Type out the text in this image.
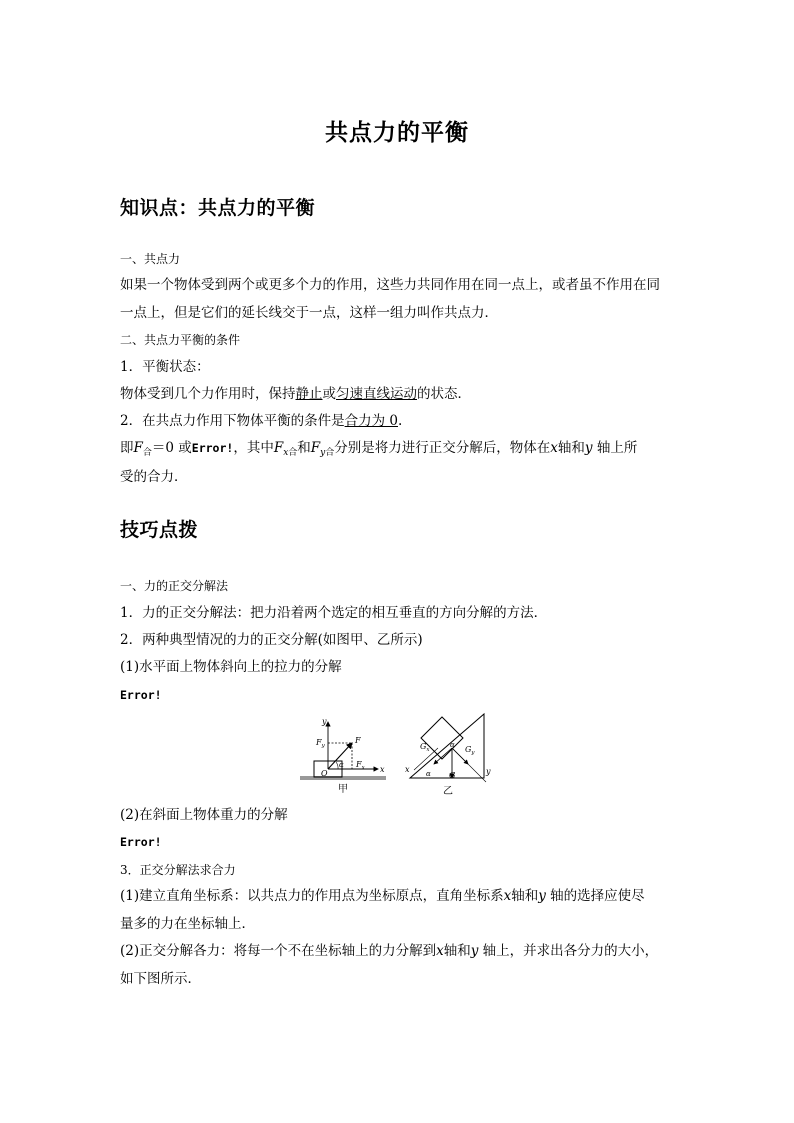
共点力的平衡
知识点：共点力的平衡
一、共点力
如果一个物体受到两个或更多个力的作用，这些力共同作用在同一点上，或者虽不作用在同
一点上，但是它们的延长线交于一点，这样一组力叫作共点力．
二、共点力平衡的条件
1．平衡状态：
物体受到几个力作用时，保持静止或匀速直线运动的状态．
2．在共点力作用下物体平衡的条件是合力为 0.
即$F_合=0$ 或Error!，其中$F_{x合}$和$F_{y合}$分别是将力进行正交分解后，物体在x轴和y 轴上所
受的合力．
技巧点拨
一、力的正交分解法
1．力的正交分解法：把力沿着两个选定的相互垂直的方向分解的方法．
2．两种典型情况的力的正交分解(如图甲、乙所示)
(1)水平面上物体斜向上的拉力的分解
Error!
y
x
F
$F_y$
$F_x$
O
α
甲
$G_x$	$G_y$
G
α
α
x	y
乙
(2)在斜面上物体重力的分解
Error!
3．正交分解法求合力
(1)建立直角坐标系：以共点力的作用点为坐标原点，直角坐标系x轴和y 轴的选择应使尽
量多的力在坐标轴上．
(2)正交分解各力：将每一个不在坐标轴上的力分解到x轴和y 轴上，并求出各分力的大小，
如下图所示．
